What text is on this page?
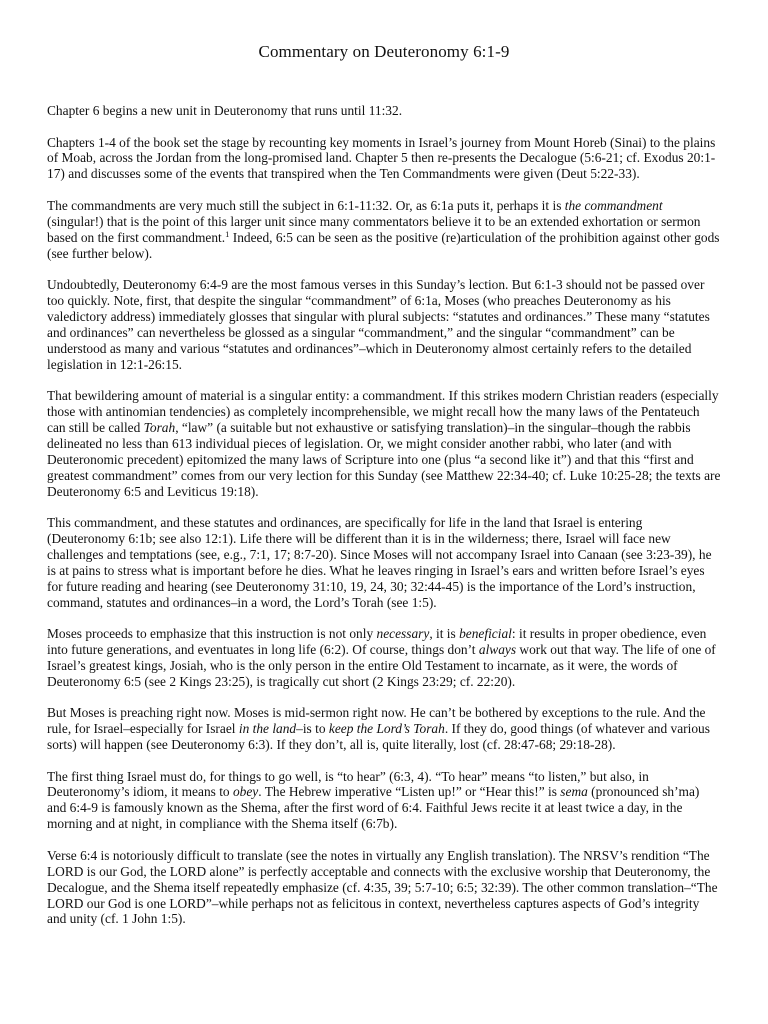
Commentary on Deuteronomy 6:1-9

Chapter 6 begins a new unit in Deuteronomy that runs until 11:32.

Chapters 1-4 of the book set the stage by recounting key moments in Israel’s journey from Mount Horeb (Sinai) to the plains of Moab, across the Jordan from the long-promised land. Chapter 5 then re-presents the Decalogue (5:6-21; cf. Exodus 20:1-17) and discusses some of the events that transpired when the Ten Commandments were given (Deut 5:22-33).

The commandments are very much still the subject in 6:1-11:32. Or, as 6:1a puts it, perhaps it is the commandment (singular!) that is the point of this larger unit since many commentators believe it to be an extended exhortation or sermon based on the first commandment.$^1$ Indeed, 6:5 can be seen as the positive (re)articulation of the prohibition against other gods (see further below).

Undoubtedly, Deuteronomy 6:4-9 are the most famous verses in this Sunday’s lection. But 6:1-3 should not be passed over too quickly. Note, first, that despite the singular “commandment” of 6:1a, Moses (who preaches Deuteronomy as his valedictory address) immediately glosses that singular with plural subjects: “statutes and ordinances.” These many “statutes and ordinances” can nevertheless be glossed as a singular “commandment,” and the singular “commandment” can be understood as many and various “statutes and ordinances”–which in Deuteronomy almost certainly refers to the detailed legislation in 12:1-26:15.

That bewildering amount of material is a singular entity: a commandment. If this strikes modern Christian readers (especially those with antinomian tendencies) as completely incomprehensible, we might recall how the many laws of the Pentateuch can still be called Torah, “law” (a suitable but not exhaustive or satisfying translation)–in the singular–though the rabbis delineated no less than 613 individual pieces of legislation. Or, we might consider another rabbi, who later (and with Deuteronomic precedent) epitomized the many laws of Scripture into one (plus “a second like it”) and that this “first and greatest commandment” comes from our very lection for this Sunday (see Matthew 22:34-40; cf. Luke 10:25-28; the texts are Deuteronomy 6:5 and Leviticus 19:18).

This commandment, and these statutes and ordinances, are specifically for life in the land that Israel is entering (Deuteronomy 6:1b; see also 12:1). Life there will be different than it is in the wilderness; there, Israel will face new challenges and temptations (see, e.g., 7:1, 17; 8:7-20). Since Moses will not accompany Israel into Canaan (see 3:23-39), he is at pains to stress what is important before he dies. What he leaves ringing in Israel’s ears and written before Israel’s eyes for future reading and hearing (see Deuteronomy 31:10, 19, 24, 30; 32:44-45) is the importance of the Lord’s instruction, command, statutes and ordinances–in a word, the Lord’s Torah (see 1:5).

Moses proceeds to emphasize that this instruction is not only necessary, it is beneficial: it results in proper obedience, even into future generations, and eventuates in long life (6:2). Of course, things don’t always work out that way. The life of one of Israel’s greatest kings, Josiah, who is the only person in the entire Old Testament to incarnate, as it were, the words of Deuteronomy 6:5 (see 2 Kings 23:25), is tragically cut short (2 Kings 23:29; cf. 22:20).

But Moses is preaching right now. Moses is mid-sermon right now. He can’t be bothered by exceptions to the rule. And the rule, for Israel–especially for Israel in the land–is to keep the Lord’s Torah. If they do, good things (of whatever and various sorts) will happen (see Deuteronomy 6:3). If they don’t, all is, quite literally, lost (cf. 28:47-68; 29:18-28).

The first thing Israel must do, for things to go well, is “to hear” (6:3, 4). “To hear” means “to listen,” but also, in Deuteronomy’s idiom, it means to obey. The Hebrew imperative “Listen up!” or “Hear this!” is sema (pronounced sh’ma) and 6:4-9 is famously known as the Shema, after the first word of 6:4. Faithful Jews recite it at least twice a day, in the morning and at night, in compliance with the Shema itself (6:7b).

Verse 6:4 is notoriously difficult to translate (see the notes in virtually any English translation). The NRSV’s rendition “The LORD is our God, the LORD alone” is perfectly acceptable and connects with the exclusive worship that Deuteronomy, the Decalogue, and the Shema itself repeatedly emphasize (cf. 4:35, 39; 5:7-10; 6:5; 32:39). The other common translation–“The LORD our God is one LORD”–while perhaps not as felicitous in context, nevertheless captures aspects of God’s integrity and unity (cf. 1 John 1:5).
